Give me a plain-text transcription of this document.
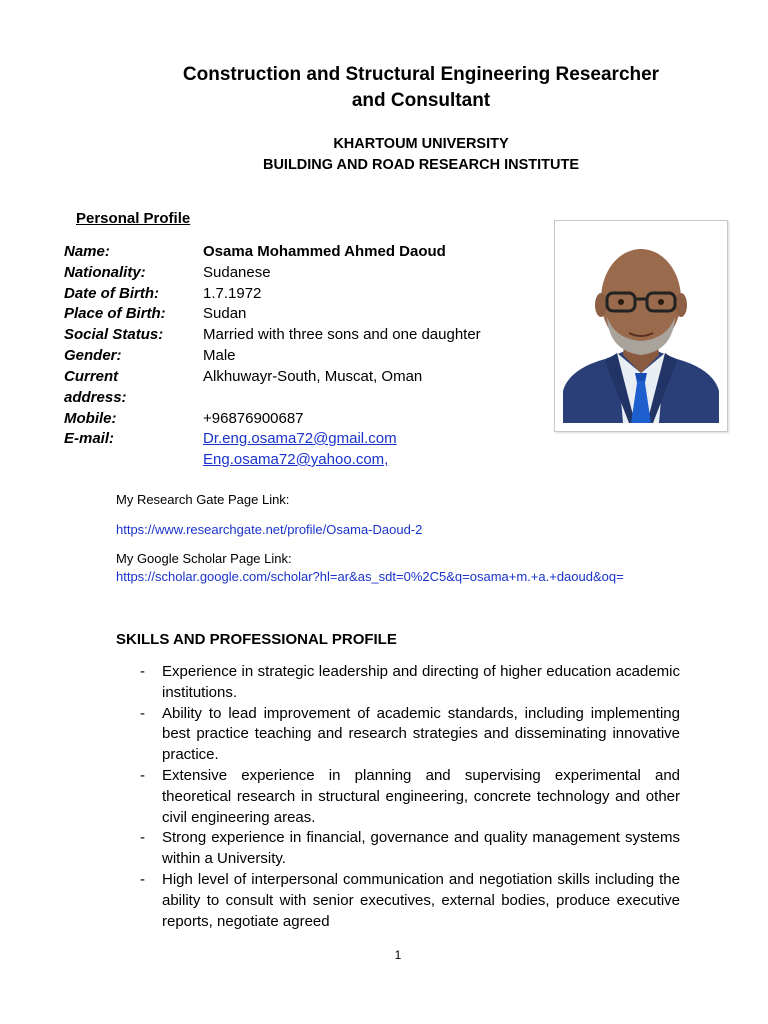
Construction and Structural Engineering Researcher
and Consultant
KHARTOUM UNIVERSITY
BUILDING AND ROAD RESEARCH INSTITUTE
Personal Profile
Name:	Osama Mohammed Ahmed Daoud
Nationality:	Sudanese
Date of Birth:	1.7.1972
Place of Birth: Sudan
Social Status:	Married with three sons and one daughter
Gender:	Male
Current	Alkhuwayr-South, Muscat, Oman
address:
Mobile:	+96876900687
E-mail:	Dr.eng.osama72@gmail.com
Eng.osama72@yahoo.com,
My Research Gate Page Link:
https://www.researchgate.net/profile/Osama-Daoud-2
My Google Scholar Page Link:
https://scholar.google.com/scholar?hl=ar&as_sdt=0%2C5&q=osama+m.+a.+daoud&oq=
SKILLS AND PROFESSIONAL PROFILE
-	Experience in strategic leadership and directing of higher education academic institutions.
-	Ability to lead improvement of academic standards, including implementing best practice teaching and research strategies and disseminating innovative practice.
-	Extensive experience in planning and supervising experimental and theoretical research in structural engineering, concrete technology and other civil engineering areas.
-	Strong experience in financial, governance and quality management systems within a University.
-	High level of interpersonal communication and negotiation skills including the ability to consult with senior executives, external bodies, produce executive reports, negotiate agreed
1
